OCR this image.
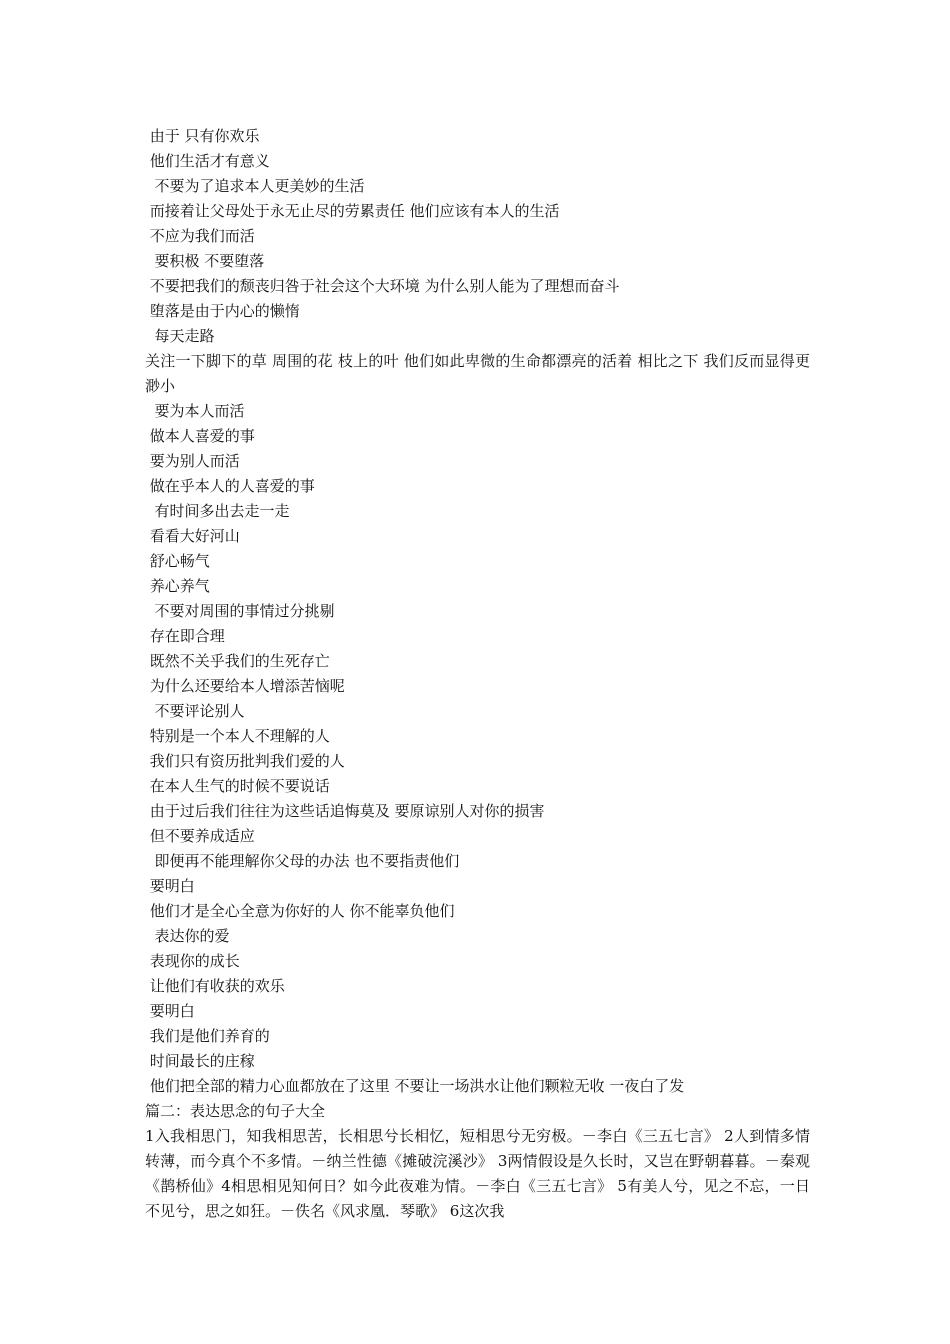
由于 只有你欢乐
他们生活才有意义
不要为了追求本人更美妙的生活
而接着让父母处于永无止尽的劳累责任 他们应该有本人的生活
不应为我们而活
要积极 不要堕落
不要把我们的颓丧归咎于社会这个大环境 为什么别人能为了理想而奋斗
堕落是由于内心的懒惰
每天走路
关注一下脚下的草 周围的花 枝上的叶 他们如此卑微的生命都漂亮的活着 相比之下 我们反而显得更渺小
要为本人而活
做本人喜爱的事
要为别人而活
做在乎本人的人喜爱的事
有时间多出去走一走
看看大好河山
舒心畅气
养心养气
不要对周围的事情过分挑剔
存在即合理
既然不关乎我们的生死存亡
为什么还要给本人增添苦恼呢
不要评论别人
特别是一个本人不理解的人
我们只有资历批判我们爱的人
在本人生气的时候不要说话
由于过后我们往往为这些话追悔莫及 要原谅别人对你的损害
但不要养成适应
即便再不能理解你父母的办法 也不要指责他们
要明白
他们才是全心全意为你好的人 你不能辜负他们
表达你的爱
表现你的成长
让他们有收获的欢乐
要明白
我们是他们养育的
时间最长的庄稼
他们把全部的精力心血都放在了这里 不要让一场洪水让他们颗粒无收 一夜白了发
篇二：表达思念的句子大全
1入我相思门，知我相思苦，长相思兮长相忆，短相思兮无穷极。－李白《三五七言》 2人到情多情转薄，而今真个不多情。－纳兰性德《摊破浣溪沙》 3两情假设是久长时，又岂在野朝暮暮。－秦观《鹊桥仙》4相思相见知何日？如今此夜难为情。－李白《三五七言》 5有美人兮，见之不忘，一日不见兮，思之如狂。－佚名《风求凰．琴歌》 6这次我
